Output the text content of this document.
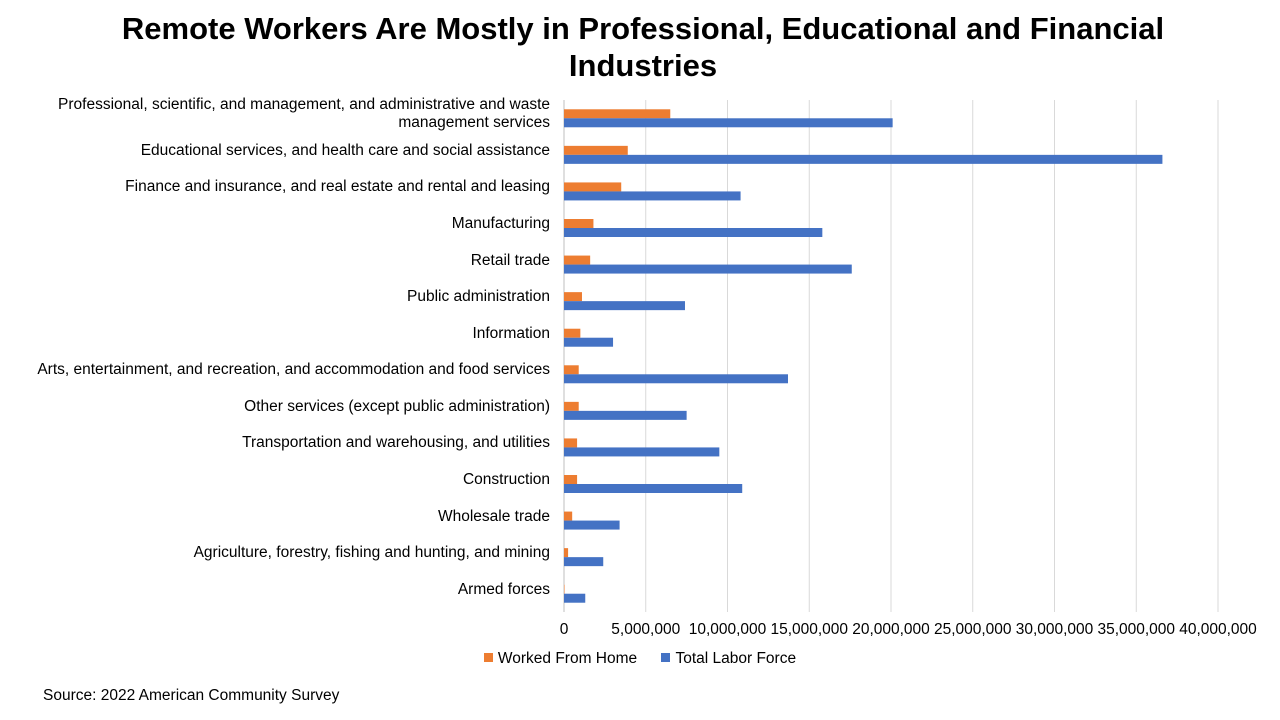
Remote Workers Are Mostly in Professional, Educational and Financial Industries
Professional, scientific, and management, and administrative and waste management services
Educational services, and health care and social assistance
Finance and insurance, and real estate and rental and leasing
Manufacturing
Retail trade
Public administration
Information
Arts, entertainment, and recreation, and accommodation and food services
Other services (except public administration)
Transportation and warehousing, and utilities
Construction
Wholesale trade
Agriculture, forestry, fishing and hunting, and mining
Armed forces
0	5,000,000 10,000,000 15,000,000 20,000,000 25,000,000 30,000,000 35,000,000 40,000,000
Worked From Home Total Labor Force
Source: 2022 American Community Survey
